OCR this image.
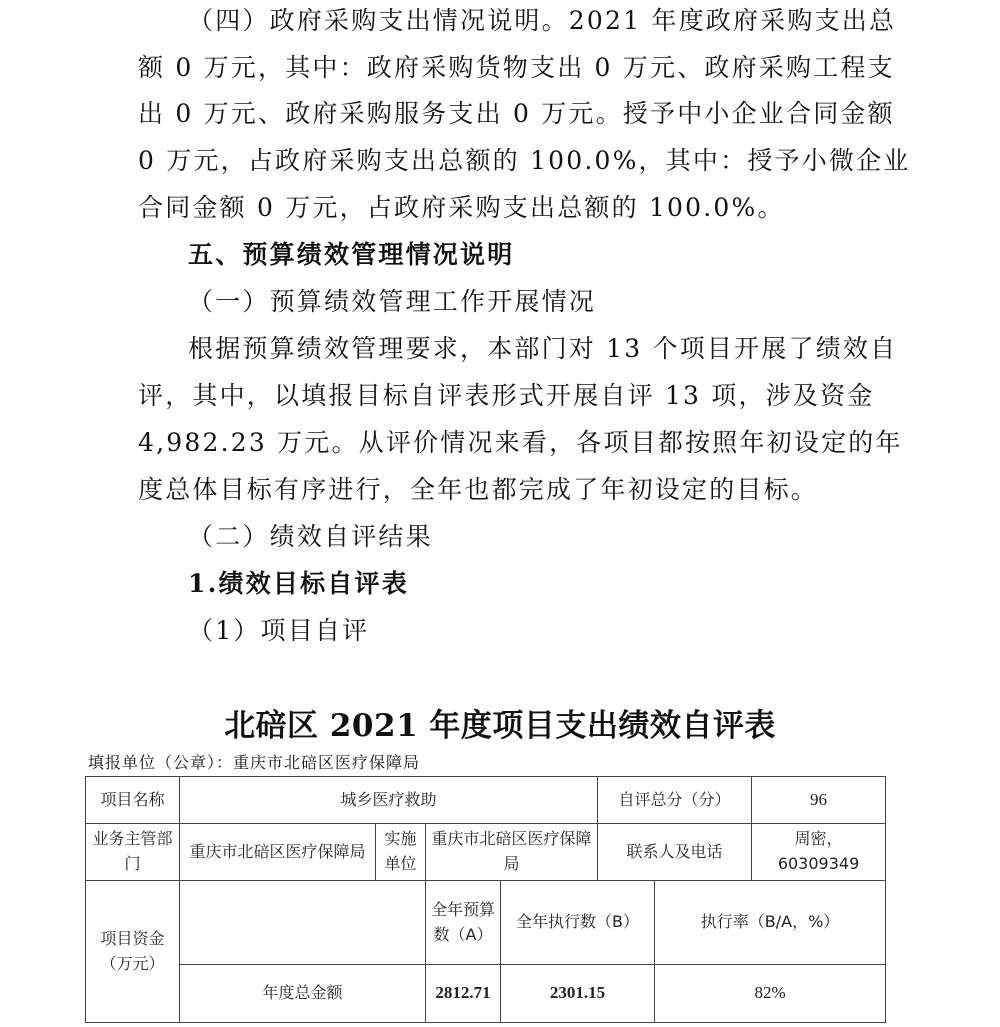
（四）政府采购支出情况说明。2021 年度政府采购支出总
额 0 万元，其中：政府采购货物支出 0 万元、政府采购工程支
出 0 万元、政府采购服务支出 0 万元。授予中小企业合同金额
0 万元，占政府采购支出总额的 100.0%，其中：授予小微企业
合同金额 0 万元，占政府采购支出总额的 100.0%。
五、预算绩效管理情况说明
（一）预算绩效管理工作开展情况
根据预算绩效管理要求，本部门对 13 个项目开展了绩效自
评，其中，以填报目标自评表形式开展自评 13 项，涉及资金
4,982.23 万元。从评价情况来看，各项目都按照年初设定的年
度总体目标有序进行，全年也都完成了年初设定的目标。
（二）绩效自评结果
1.绩效目标自评表
（1）项目自评
北碚区 2021 年度项目支出绩效自评表
填报单位（公章）：重庆市北碚区医疗保障局
项目名称	城乡医疗救助				自评总分（分）		96
业务主管部门	重庆市北碚区医疗保障局	实施单位	重庆市北碚区医疗保障局		联系人及电话		周密，60309349
项目资金（万元）			全年预算数（A）	全年执行数（B）		执行率（B/A，%）	
	年度总金额		2812.71	2301.15		82%	
